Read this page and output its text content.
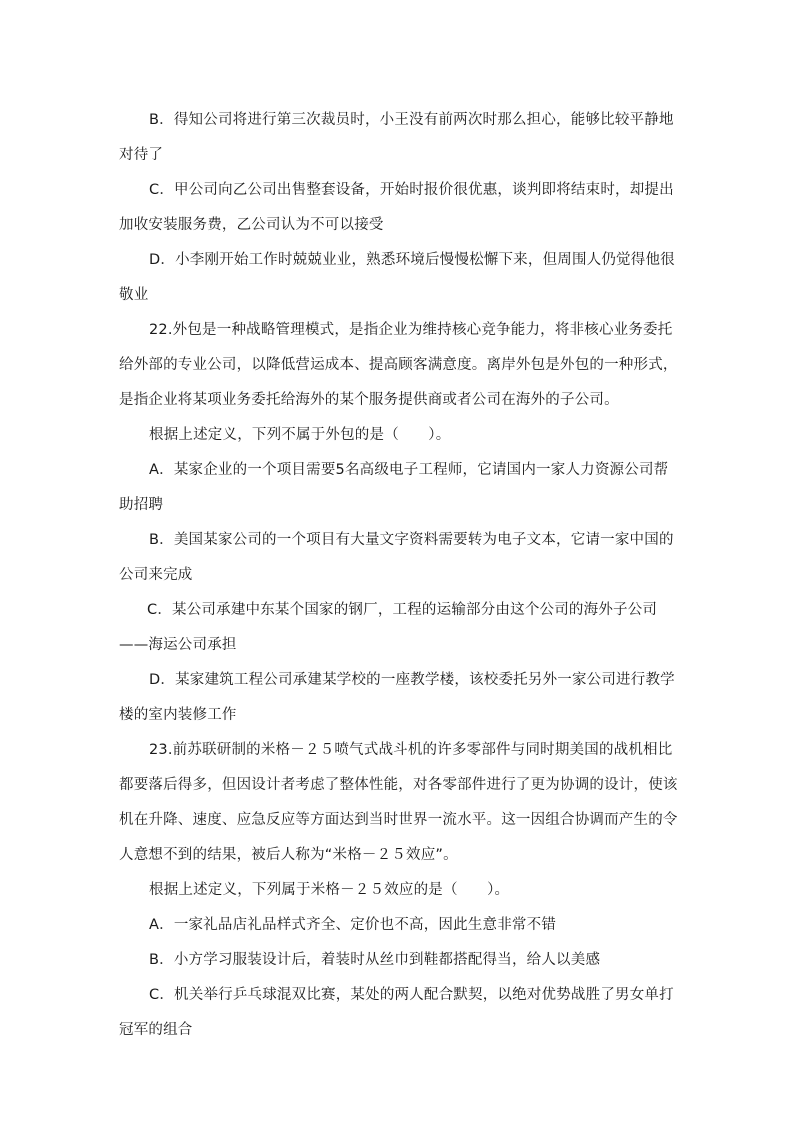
B．得知公司将进行第三次裁员时，小王没有前两次时那么担心，能够比较平静地对待了

C．甲公司向乙公司出售整套设备，开始时报价很优惠，谈判即将结束时，却提出加收安装服务费，乙公司认为不可以接受

D．小李刚开始工作时兢兢业业，熟悉环境后慢慢松懈下来，但周围人仍觉得他很敬业

22.外包是一种战略管理模式，是指企业为维持核心竞争能力，将非核心业务委托给外部的专业公司，以降低营运成本、提高顾客满意度。离岸外包是外包的一种形式，是指企业将某项业务委托给海外的某个服务提供商或者公司在海外的子公司。

根据上述定义，下列不属于外包的是（　　）。

A．某家企业的一个项目需要5名高级电子工程师，它请国内一家人力资源公司帮助招聘

B．美国某家公司的一个项目有大量文字资料需要转为电子文本，它请一家中国的公司来完成

C．某公司承建中东某个国家的钢厂，工程的运输部分由这个公司的海外子公司——海运公司承担

D．某家建筑工程公司承建某学校的一座教学楼，该校委托另外一家公司进行教学楼的室内装修工作

23.前苏联研制的米格－２５喷气式战斗机的许多零部件与同时期美国的战机相比都要落后得多，但因设计者考虑了整体性能，对各零部件进行了更为协调的设计，使该机在升降、速度、应急反应等方面达到当时世界一流水平。这一因组合协调而产生的令人意想不到的结果，被后人称为“米格－２５效应”。

根据上述定义，下列属于米格－２５效应的是（　　）。

A．一家礼品店礼品样式齐全、定价也不高，因此生意非常不错

B．小方学习服装设计后，着装时从丝巾到鞋都搭配得当，给人以美感

C．机关举行乒乓球混双比赛，某处的两人配合默契，以绝对优势战胜了男女单打冠军的组合
